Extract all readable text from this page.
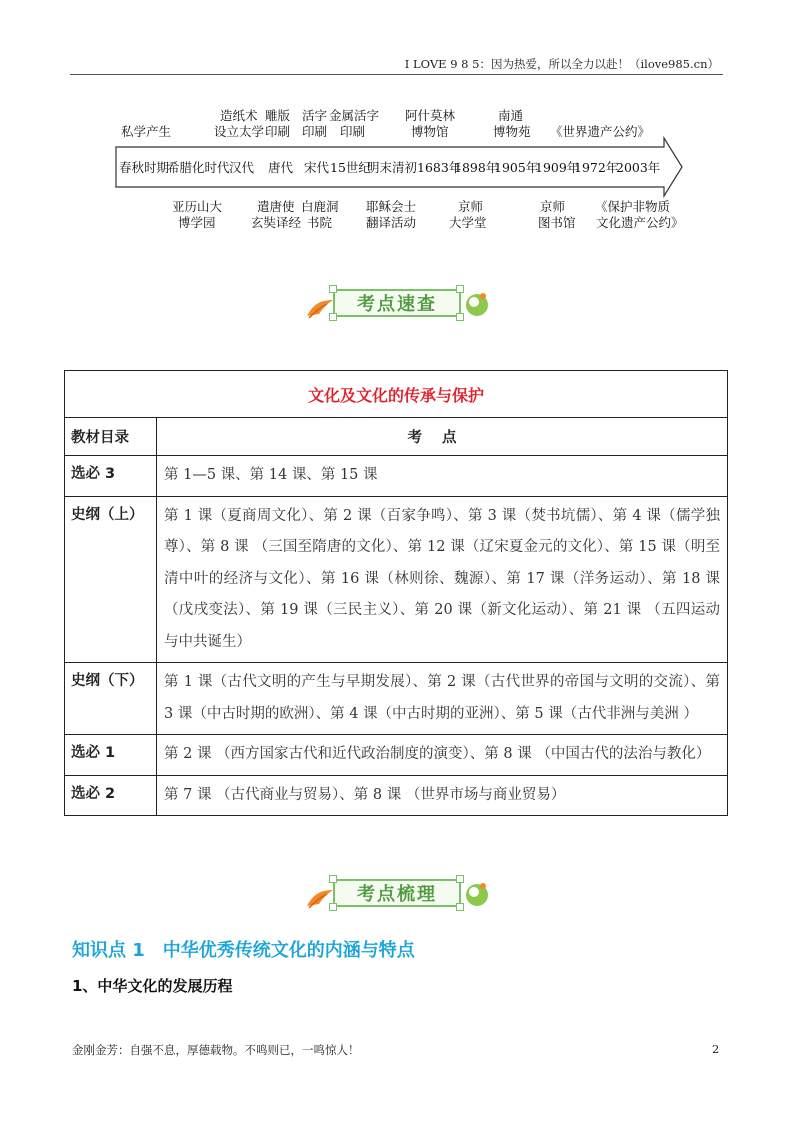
I LOVE 9 8 5：因为热爱，所以全力以赴！（ilove985.cn）
春秋时期
希腊化时代 汉代 唐代 宋代 15世纪
明末清初 1683年
1898年
1905年
1909年
1972年
2003年
私学产生
造纸术
设立太学
雕版
印刷
活字
印刷
金属活字
印刷
阿什莫林
博物馆
南通
博物苑 《世界遗产公约》
亚历山大
博学园
遣唐使
玄奘译经
白鹿洞
书院
耶稣会士
翻译活动
京师
大学堂
京师
图书馆
《保护非物质
文化遗产公约》
考点速查
文化及文化的传承与保护	
教材目录	考点
选必 3	第 1—5 课、第 14 课、第 15 课
史纲（上）	第 1 课（夏商周文化）、第 2 课（百家争鸣）、第 3 课（焚书坑儒）、第 4 课（儒学独尊）、第 8 课 （三国至隋唐的文化）、第 12 课（辽宋夏金元的文化）、第 15 课（明至清中叶的经济与文化）、第 16 课（林则徐、魏源）、第 17 课（洋务运动）、第 18 课 （戊戌变法）、第 19 课（三民主义）、第 20 课（新文化运动）、第 21 课 （五四运动与中共诞生）
史纲（下）	第 1 课（古代文明的产生与早期发展）、第 2 课（古代世界的帝国与文明的交流）、第 3 课（中古时期的欧洲）、第 4 课（中古时期的亚洲）、第 5 课（古代非洲与美洲 ）
选必 1	第 2 课 （西方国家古代和近代政治制度的演变）、第 8 课 （中国古代的法治与教化）
选必 2	第 7 课 （古代商业与贸易）、第 8 课 （世界市场与商业贸易）
考点梳理
知识点 1　中华优秀传统文化的内涵与特点
1、中华文化的发展历程
金刚金芳：自强不息，厚德载物。不鸣则已，一鸣惊人！	2
